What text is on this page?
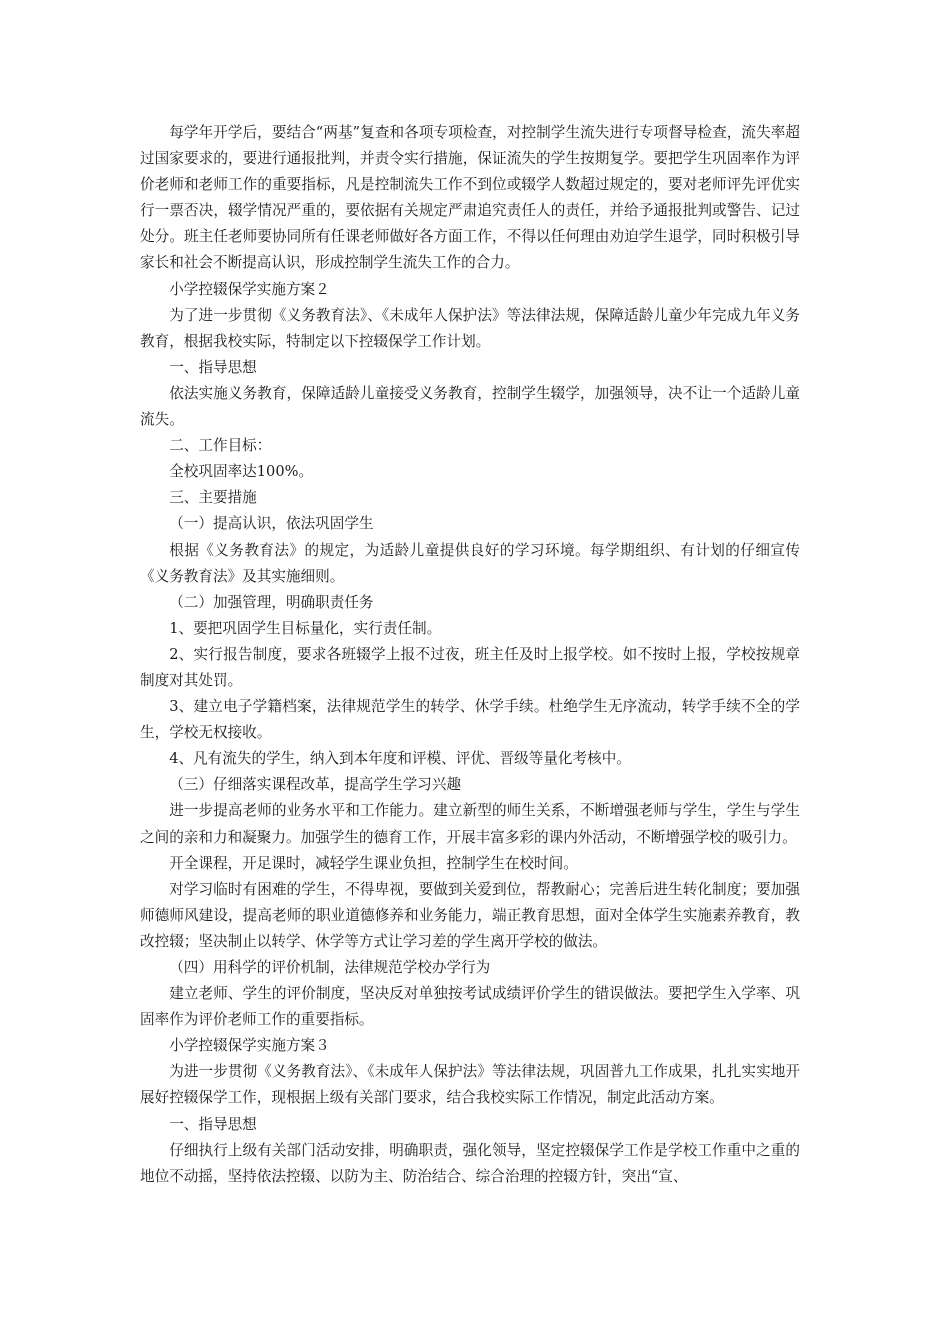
每学年开学后，要结合“两基”复查和各项专项检查，对控制学生流失进行专项督导检查，流失率超过国家要求的，要进行通报批判，并责令实行措施，保证流失的学生按期复学。要把学生巩固率作为评价老师和老师工作的重要指标，凡是控制流失工作不到位或辍学人数超过规定的，要对老师评先评优实行一票否决，辍学情况严重的，要依据有关规定严肃追究责任人的责任，并给予通报批判或警告、记过处分。班主任老师要协同所有任课老师做好各方面工作，不得以任何理由劝迫学生退学，同时积极引导家长和社会不断提高认识，形成控制学生流失工作的合力。

小学控辍保学实施方案２

为了进一步贯彻《义务教育法》、《未成年人保护法》等法律法规，保障适龄儿童少年完成九年义务教育，根据我校实际，特制定以下控辍保学工作计划。

一、指导思想

依法实施义务教育，保障适龄儿童接受义务教育，控制学生辍学，加强领导，决不让一个适龄儿童流失。

二、工作目标：

全校巩固率达100%。

三、主要措施

（一）提高认识，依法巩固学生

根据《义务教育法》的规定，为适龄儿童提供良好的学习环境。每学期组织、有计划的仔细宣传《义务教育法》及其实施细则。

（二）加强管理，明确职责任务

1、要把巩固学生目标量化，实行责任制。

2、实行报告制度，要求各班辍学上报不过夜，班主任及时上报学校。如不按时上报，学校按规章制度对其处罚。

3、建立电子学籍档案，法律规范学生的转学、休学手续。杜绝学生无序流动，转学手续不全的学生，学校无权接收。

4、凡有流失的学生，纳入到本年度和评模、评优、晋级等量化考核中。

（三）仔细落实课程改革，提高学生学习兴趣

进一步提高老师的业务水平和工作能力。建立新型的师生关系，不断增强老师与学生，学生与学生之间的亲和力和凝聚力。加强学生的德育工作，开展丰富多彩的课内外活动，不断增强学校的吸引力。

开全课程，开足课时，减轻学生课业负担，控制学生在校时间。

对学习临时有困难的学生，不得卑视，要做到关爱到位，帮教耐心；完善后进生转化制度；要加强师德师风建设，提高老师的职业道德修养和业务能力，端正教育思想，面对全体学生实施素养教育，教改控辍；坚决制止以转学、休学等方式让学习差的学生离开学校的做法。

（四）用科学的评价机制，法律规范学校办学行为

建立老师、学生的评价制度，坚决反对单独按考试成绩评价学生的错误做法。要把学生入学率、巩固率作为评价老师工作的重要指标。

小学控辍保学实施方案３

为进一步贯彻《义务教育法》、《未成年人保护法》等法律法规，巩固普九工作成果，扎扎实实地开展好控辍保学工作，现根据上级有关部门要求，结合我校实际工作情况，制定此活动方案。

一、指导思想

仔细执行上级有关部门活动安排，明确职责，强化领导，坚定控辍保学工作是学校工作重中之重的地位不动摇，坚持依法控辍、以防为主、防治结合、综合治理的控辍方针，突出“宣、
